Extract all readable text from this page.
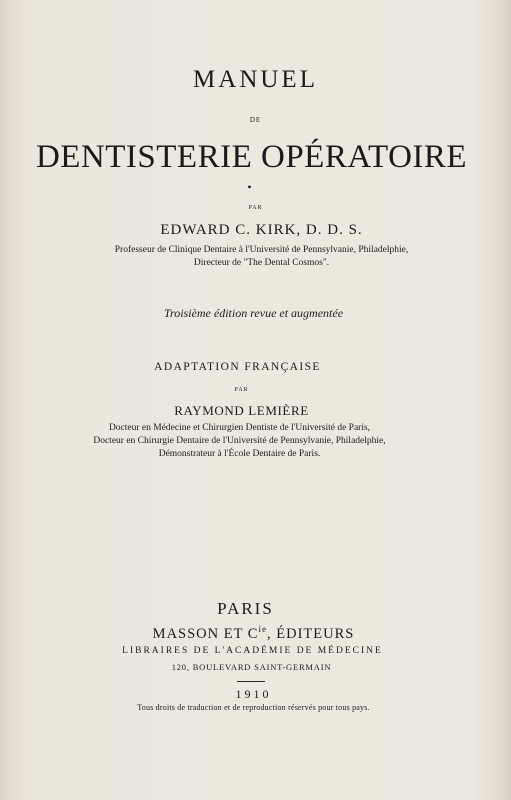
MANUEL

DE

DENTISTERIE OPÉRATOIRE

•

PAR

EDWARD C. KIRK, D. D. S.

Professeur de Clinique Dentaire à l'Université de Pennsylvanie, Philadelphie,

Directeur de "The Dental Cosmos".

Troisième édition revue et augmentée

ADAPTATION FRANÇAISE

PAR

RAYMOND LEMIÈRE

Docteur en Médecine et Chirurgien Dentiste de l'Université de Paris,

Docteur en Chirurgie Dentaire de l'Université de Pennsylvanie, Philadelphie,

Démonstrateur à l'École Dentaire de Paris.

PARIS

MASSON ET $C^{ie}$, ÉDITEURS

LIBRAIRES DE L'ACADÉMIE DE MÉDECINE

120, BOULEVARD SAINT-GERMAIN

1910

Tous droits de traduction et de reproduction réservés pour tous pays.
